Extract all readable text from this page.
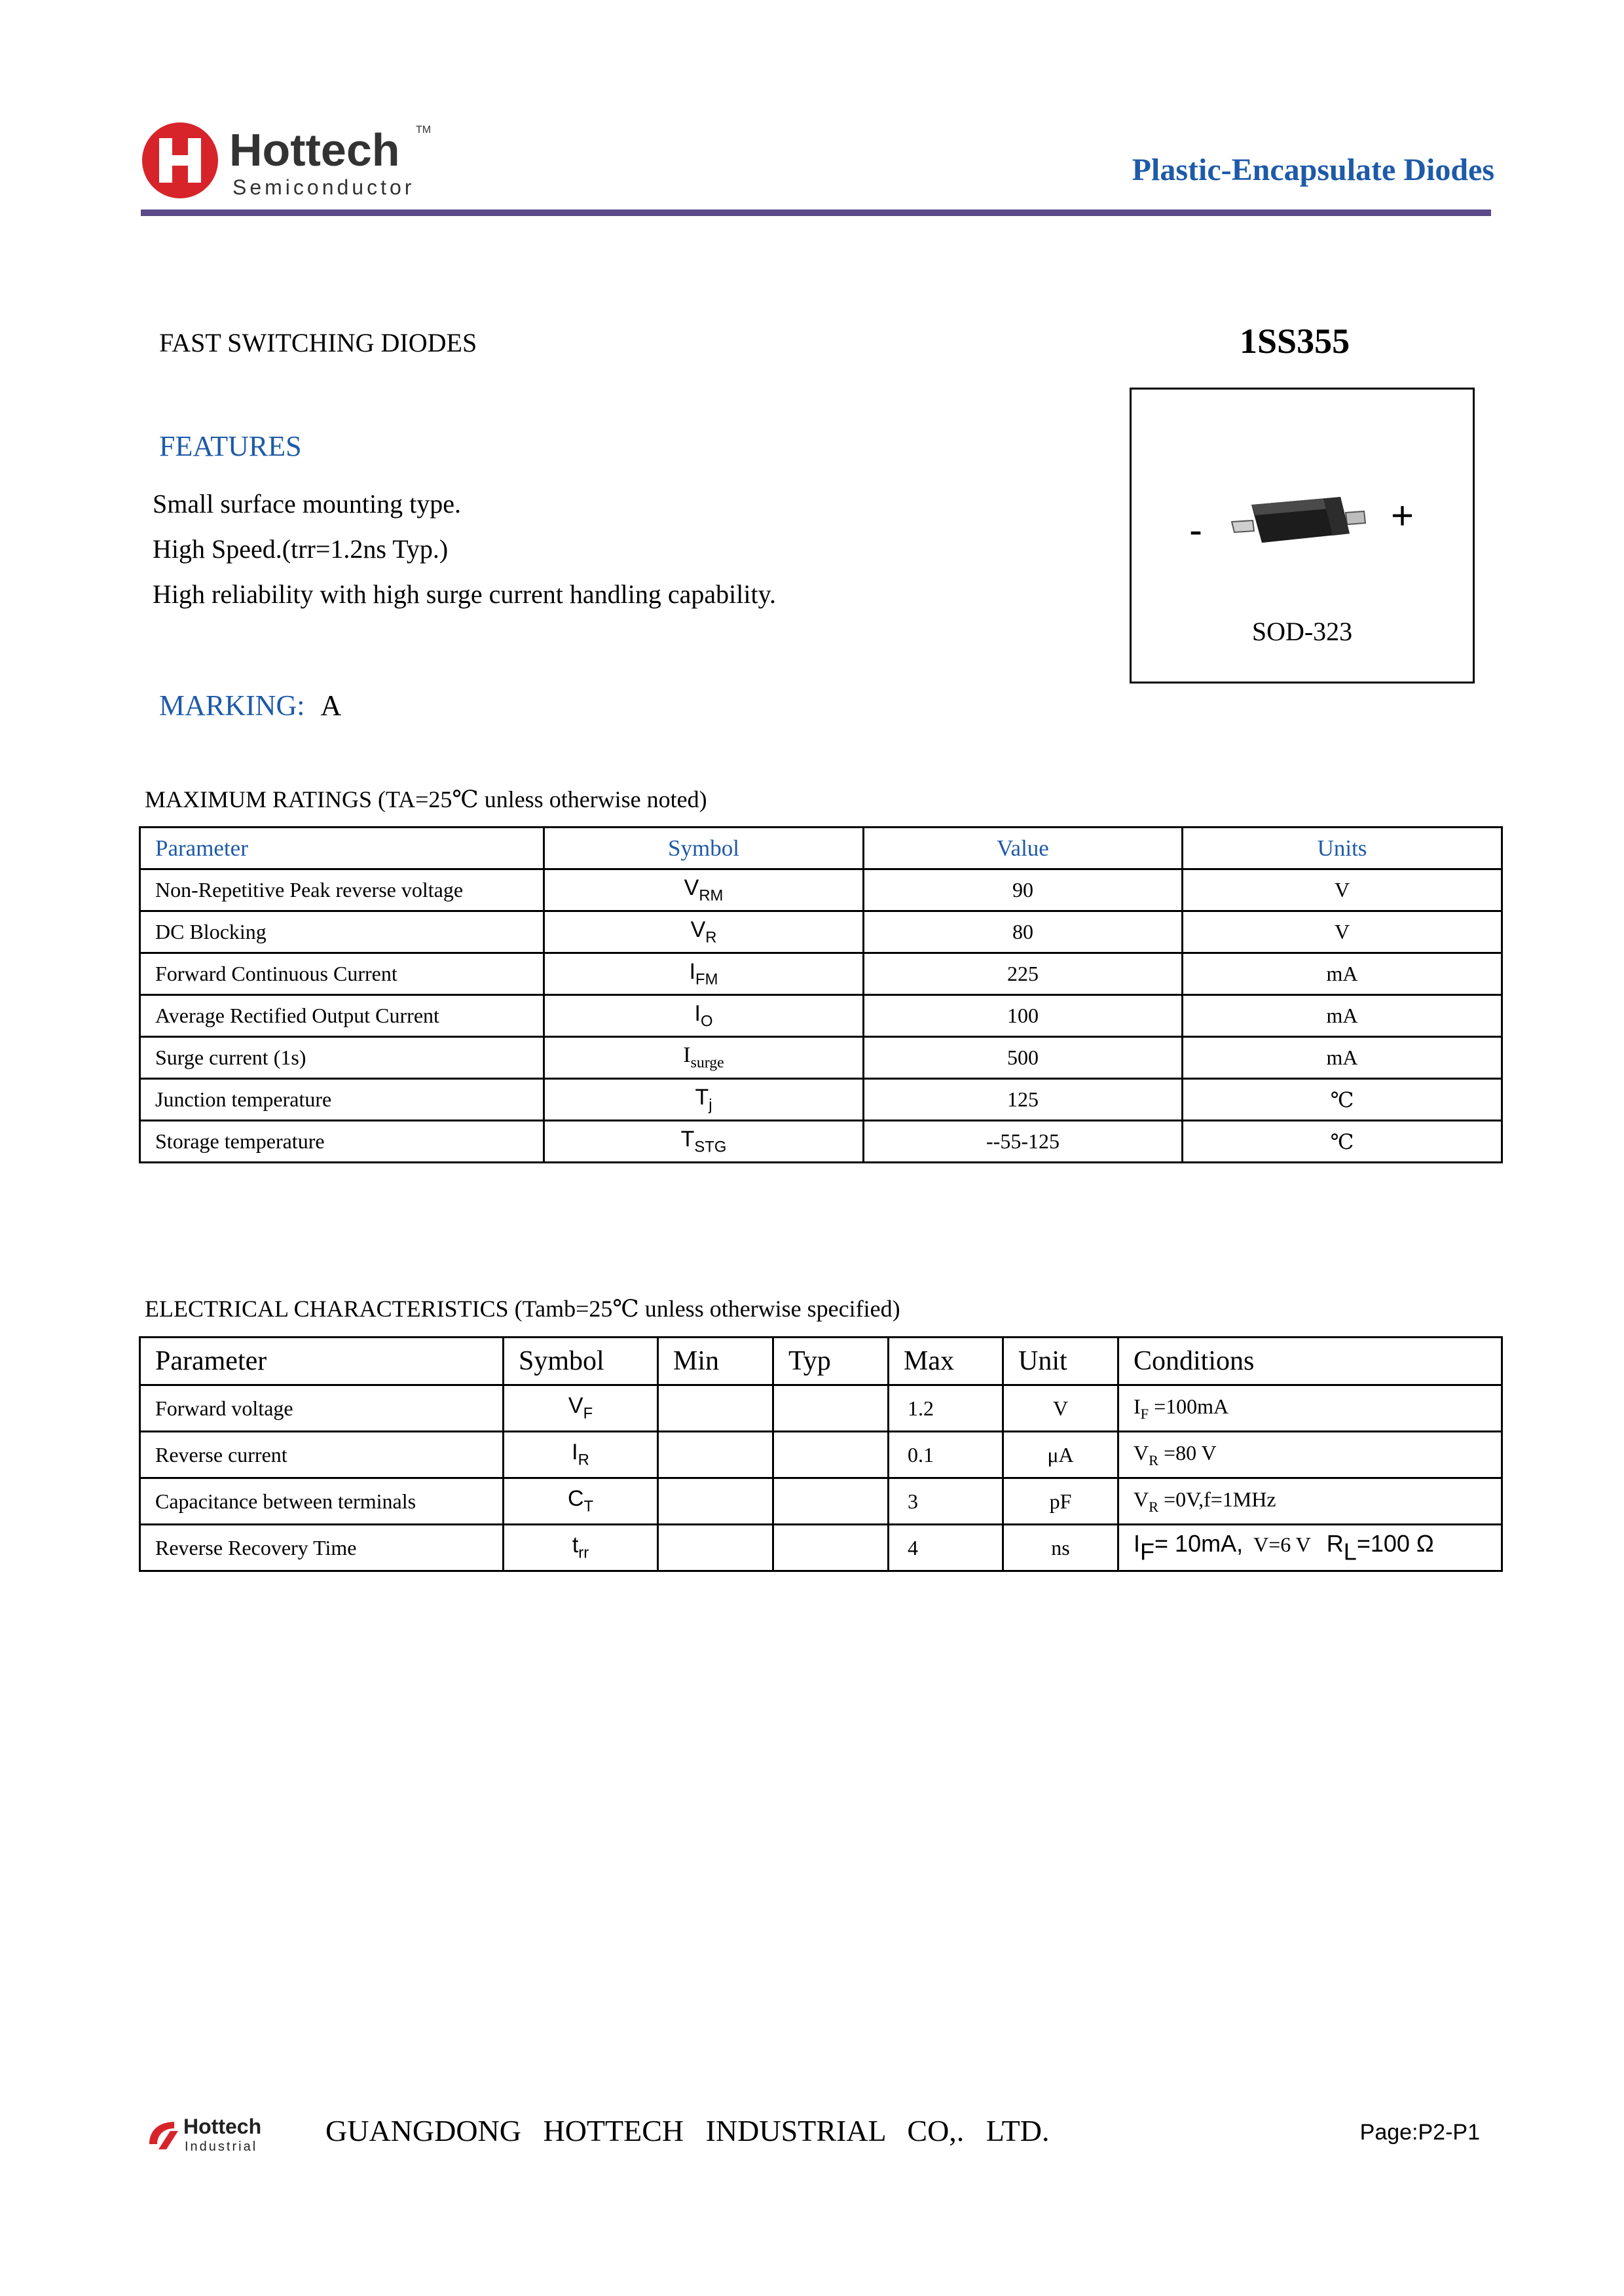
Hottech TM
Semiconductor	Plastic-Encapsulate Diodes
FAST SWITCHING DIODES	1SS355
FEATURES
Small surface mounting type.
High Speed.(trr=1.2ns Typ.)
High reliability with high surge current handling capability.
MARKING: A
-	+
SOD-323
MAXIMUM RATINGS (TA=25℃ unless otherwise noted)
Parameter	Symbol	Value	Units
Non-Repetitive Peak reverse voltage	$V_{RM}$	90	V
DC Blocking	$V_R$	80	V
Forward Continuous Current	$I_{FM}$	225	mA
Average Rectified Output Current	$I_O$	100	mA
Surge current (1s)	$I_{surge}$	500	mA
Junction temperature	$T_j$	125	℃
Storage temperature	$T_{STG}$	--55-125	℃
ELECTRICAL CHARACTERISTICS (Tamb=25℃ unless otherwise specified)
Parameter	Symbol	Min	Typ	Max	Unit	Conditions
Forward voltage	$V_F$			1.2	V	$I_F =100mA$
Reverse current	$I_R$			0.1	μA	$V_R =80$ V
Capacitance between terminals	$C_T$			3	pF	$V_R =0V,f=1MHz$
Reverse Recovery Time	$t_{rr}$			4	ns	$I_F= 10mA$, V=6 V $R_L=100$ Ω
Hottech
Industrial GUANGDONG HOTTECH INDUSTRIAL CO,. LTD.	Page:P2-P1
